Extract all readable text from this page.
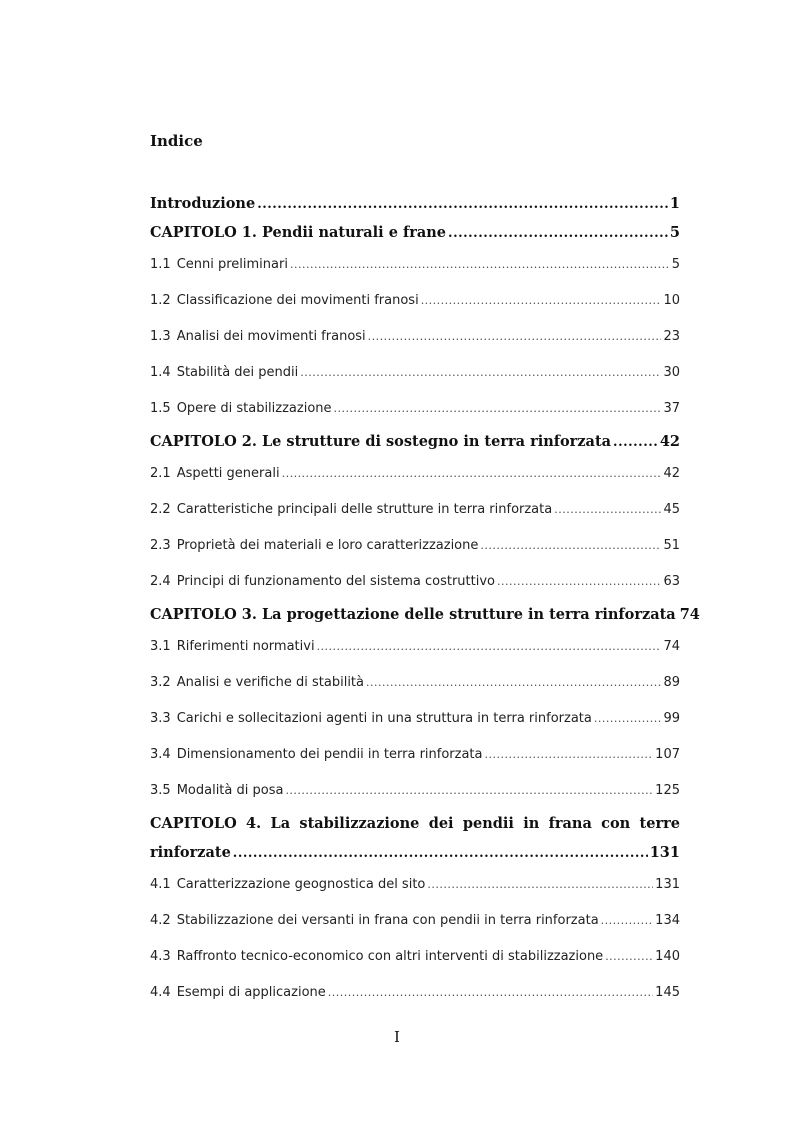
Indice
Introduzione .....	1
CAPITOLO 1. Pendii naturali e frane .....	5
1.1 Cenni preliminari .....	5
1.2 Classificazione dei movimenti franosi .....	10
1.3 Analisi dei movimenti franosi .....	23
1.4 Stabilità dei pendii .....	30
1.5 Opere di stabilizzazione .....	37
CAPITOLO 2. Le strutture di sostegno in terra rinforzata .....	42
2.1 Aspetti generali .....	42
2.2 Caratteristiche principali delle strutture in terra rinforzata .....	45
2.3 Proprietà dei materiali e loro caratterizzazione .....	51
2.4 Principi di funzionamento del sistema costruttivo .....	63
CAPITOLO 3. La progettazione delle strutture in terra rinforzata 74
3.1 Riferimenti normativi .....	74
3.2 Analisi e verifiche di stabilità .....	89
3.3 Carichi e sollecitazioni agenti in una struttura in terra rinforzata .....	99
3.4 Dimensionamento dei pendii in terra rinforzata .....	107
3.5 Modalità di posa .....	125
CAPITOLO 4. La stabilizzazione dei pendii in frana con terre
rinforzate .....	131
4.1 Caratterizzazione geognostica del sito .....	131
4.2 Stabilizzazione dei versanti in frana con pendii in terra rinforzata .....	134
4.3 Raffronto tecnico-economico con altri interventi di stabilizzazione .....	140
4.4 Esempi di applicazione .....	145
I
